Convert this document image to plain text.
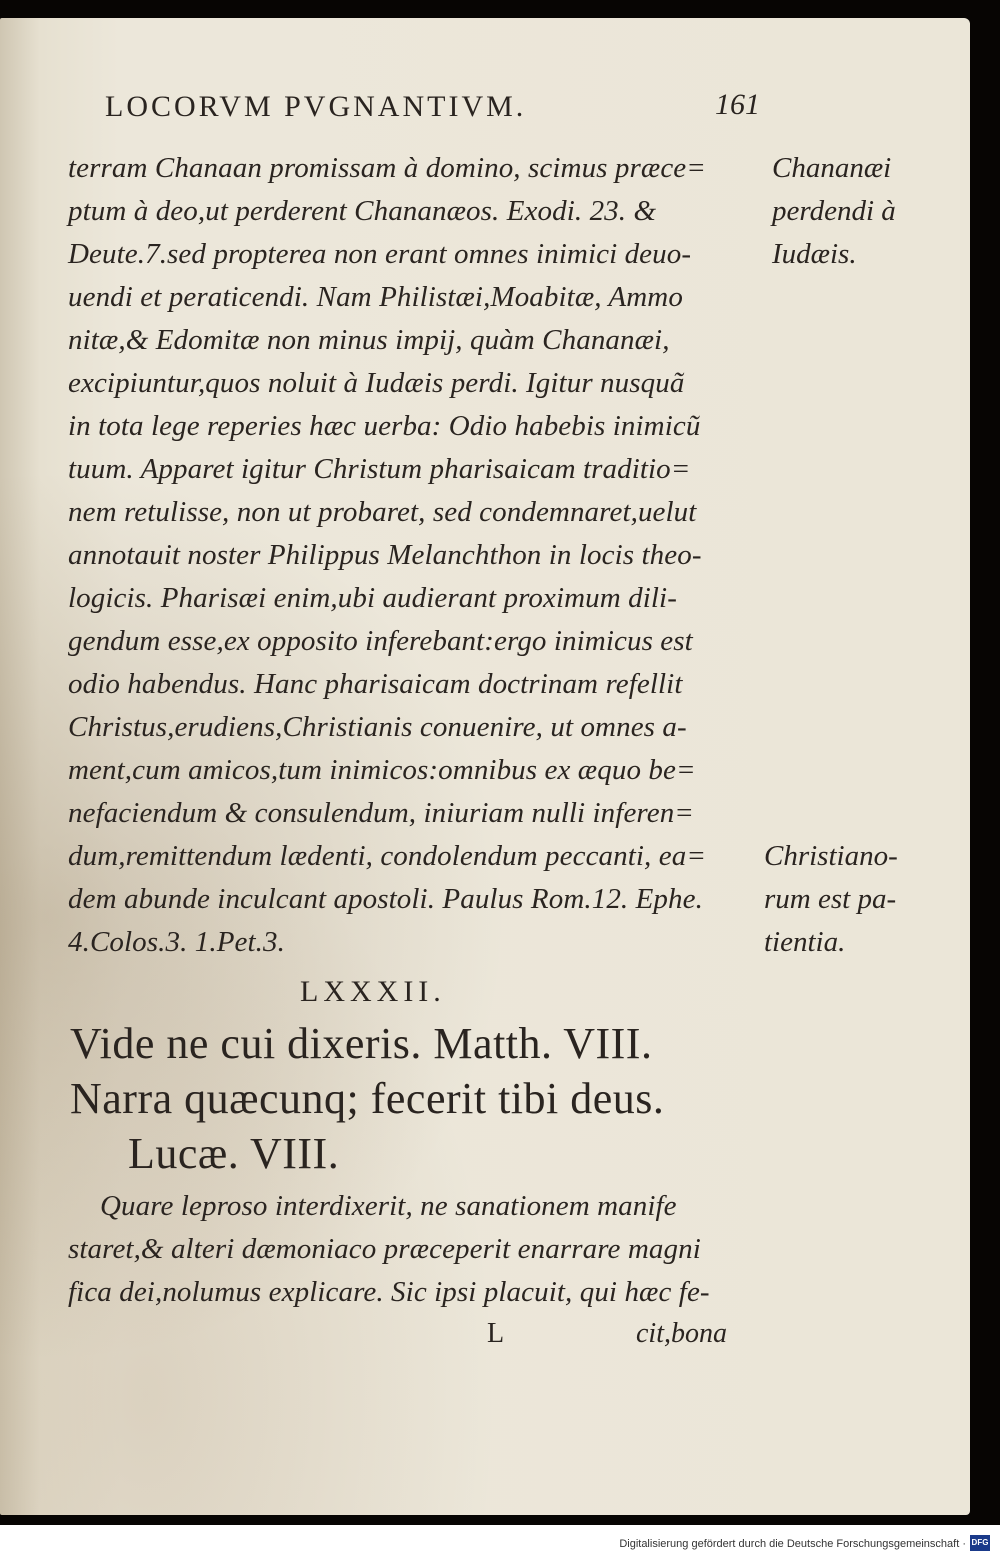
LOCORVM PVGNANTIVM.	161
terram Chanaan promissam à domino, scimus præce=
ptum à deo,ut perderent Chananæos. Exodi. 23. &
Deute.7.sed propterea non erant omnes inimici deuo-
uendi et peraticendi. Nam Philistæi,Moabitæ, Ammo
nitæ,& Edomitæ non minus impij, quàm Chananæi,
excipiuntur,quos noluit à Iudæis perdi. Igitur nusquã
in tota lege reperies hæc uerba: Odio habebis inimicũ
tuum. Apparet igitur Christum pharisaicam traditio=
nem retulisse, non ut probaret, sed condemnaret,uelut
annotauit noster Philippus Melanchthon in locis theo-
logicis. Pharisæi enim,ubi audierant proximum dili-
gendum esse,ex opposito inferebant:ergo inimicus est
odio habendus. Hanc pharisaicam doctrinam refellit
Christus,erudiens,Christianis conuenire, ut omnes a-
ment,cum amicos,tum inimicos:omnibus ex æquo be=
nefaciendum & consulendum, iniuriam nulli inferen=
dum,remittendum lædenti, condolendum peccanti, ea=
dem abunde inculcant apostoli. Paulus Rom.12. Ephe.
4.Colos.3. 1.Pet.3.
Chananæi
perdendi à
Iudæis.
Christiano-
rum est pa-
tientia.
LXXXII.
Vide ne cui dixeris. Matth. VIII.
Narra quæcunq; fecerit tibi deus.
Lucæ. VIII.
Quare leproso interdixerit, ne sanationem manife
staret,& alteri dæmoniaco præceperit enarrare magni
fica dei,nolumus explicare. Sic ipsi placuit, qui hæc fe-
L	cit,bona
Digitalisierung gefördert durch die Deutsche Forschungsgemeinschaft · DFG
